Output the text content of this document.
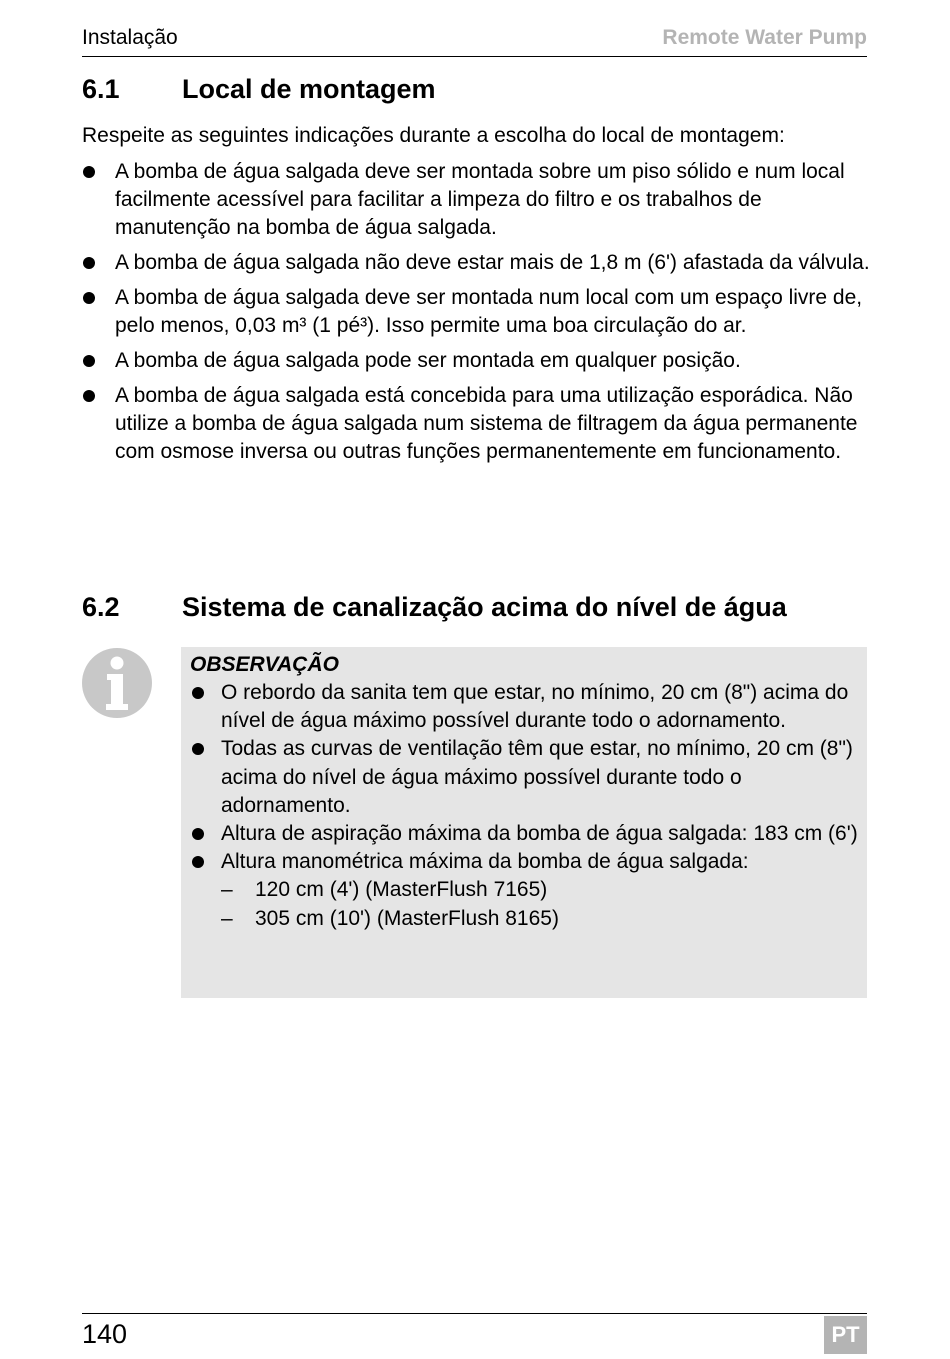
Instalação	Remote Water Pump
6.1 Local de montagem
Respeite as seguintes indicações durante a escolha do local de montagem:
A bomba de água salgada deve ser montada sobre um piso sólido e num local facilmente acessível para facilitar a limpeza do filtro e os trabalhos de manutenção na bomba de água salgada.
A bomba de água salgada não deve estar mais de 1,8 m (6') afastada da válvula.
A bomba de água salgada deve ser montada num local com um espaço livre de, pelo menos, 0,03 m³ (1 pé³). Isso permite uma boa circulação do ar.
A bomba de água salgada pode ser montada em qualquer posição.
A bomba de água salgada está concebida para uma utilização esporádica. Não utilize a bomba de água salgada num sistema de filtragem da água permanente com osmose inversa ou outras funções permanentemente em funcionamento.
6.2 Sistema de canalização acima do nível de água
OBSERVAÇÃO
O rebordo da sanita tem que estar, no mínimo, 20 cm (8") acima do nível de água máximo possível durante todo o adornamento.
Todas as curvas de ventilação têm que estar, no mínimo, 20 cm (8") acima do nível de água máximo possível durante todo o adornamento.
Altura de aspiração máxima da bomba de água salgada: 183 cm (6')
Altura manométrica máxima da bomba de água salgada:
– 120 cm (4') (MasterFlush 7165)
– 305 cm (10') (MasterFlush 8165)
140	PT
